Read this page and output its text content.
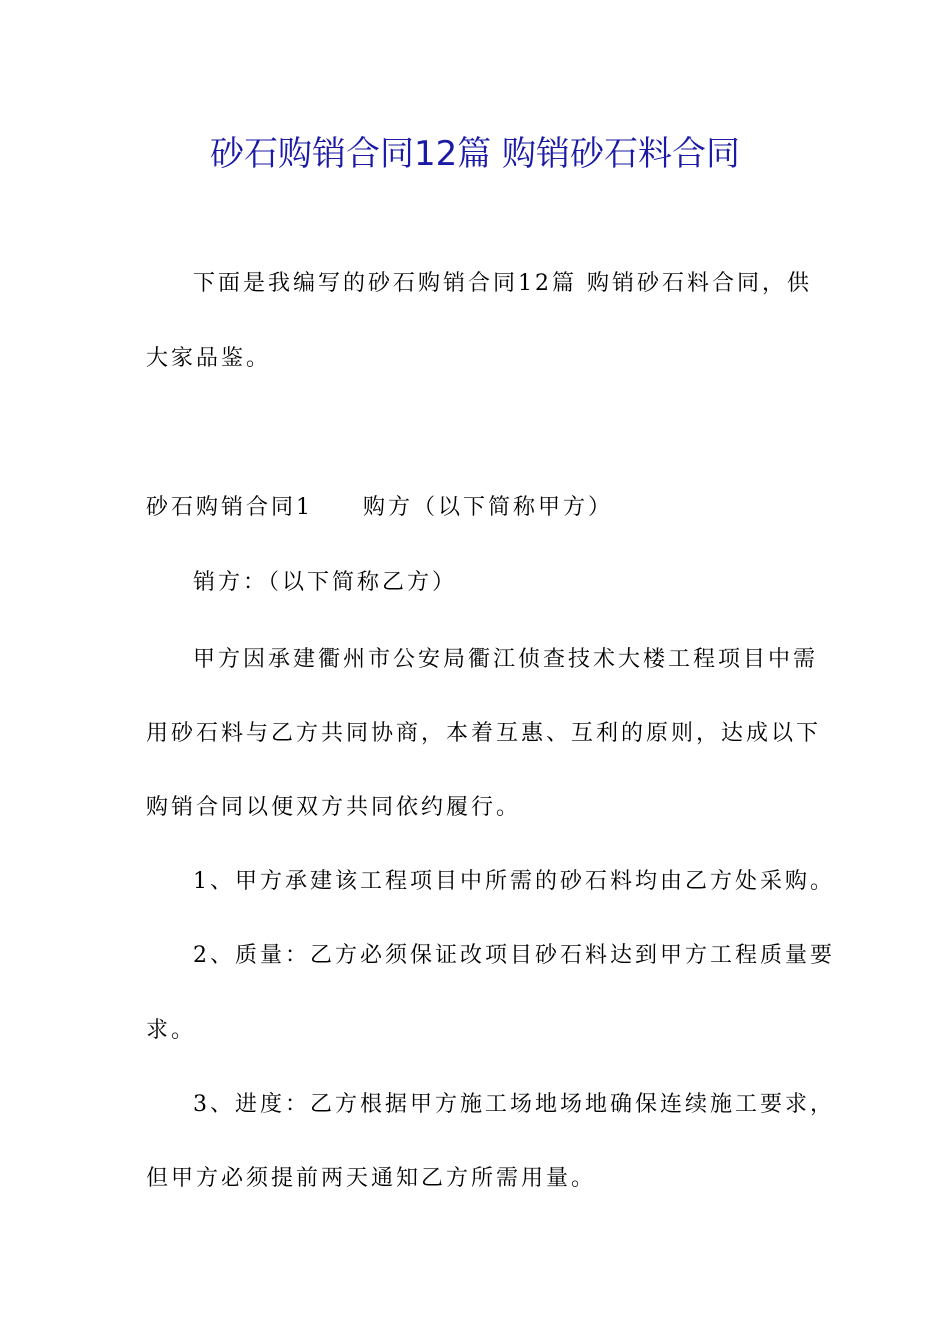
砂石购销合同12篇 购销砂石料合同

下面是我编写的砂石购销合同12篇 购销砂石料合同，供

大家品鉴。

砂石购销合同1 购方（以下简称甲方）

销方：（以下简称乙方）

甲方因承建衢州市公安局衢江侦查技术大楼工程项目中需

用砂石料与乙方共同协商，本着互惠、互利的原则，达成以下

购销合同以便双方共同依约履行。

1、甲方承建该工程项目中所需的砂石料均由乙方处采购。

2、质量：乙方必须保证改项目砂石料达到甲方工程质量要

求。

3、进度：乙方根据甲方施工场地场地确保连续施工要求，

但甲方必须提前两天通知乙方所需用量。
